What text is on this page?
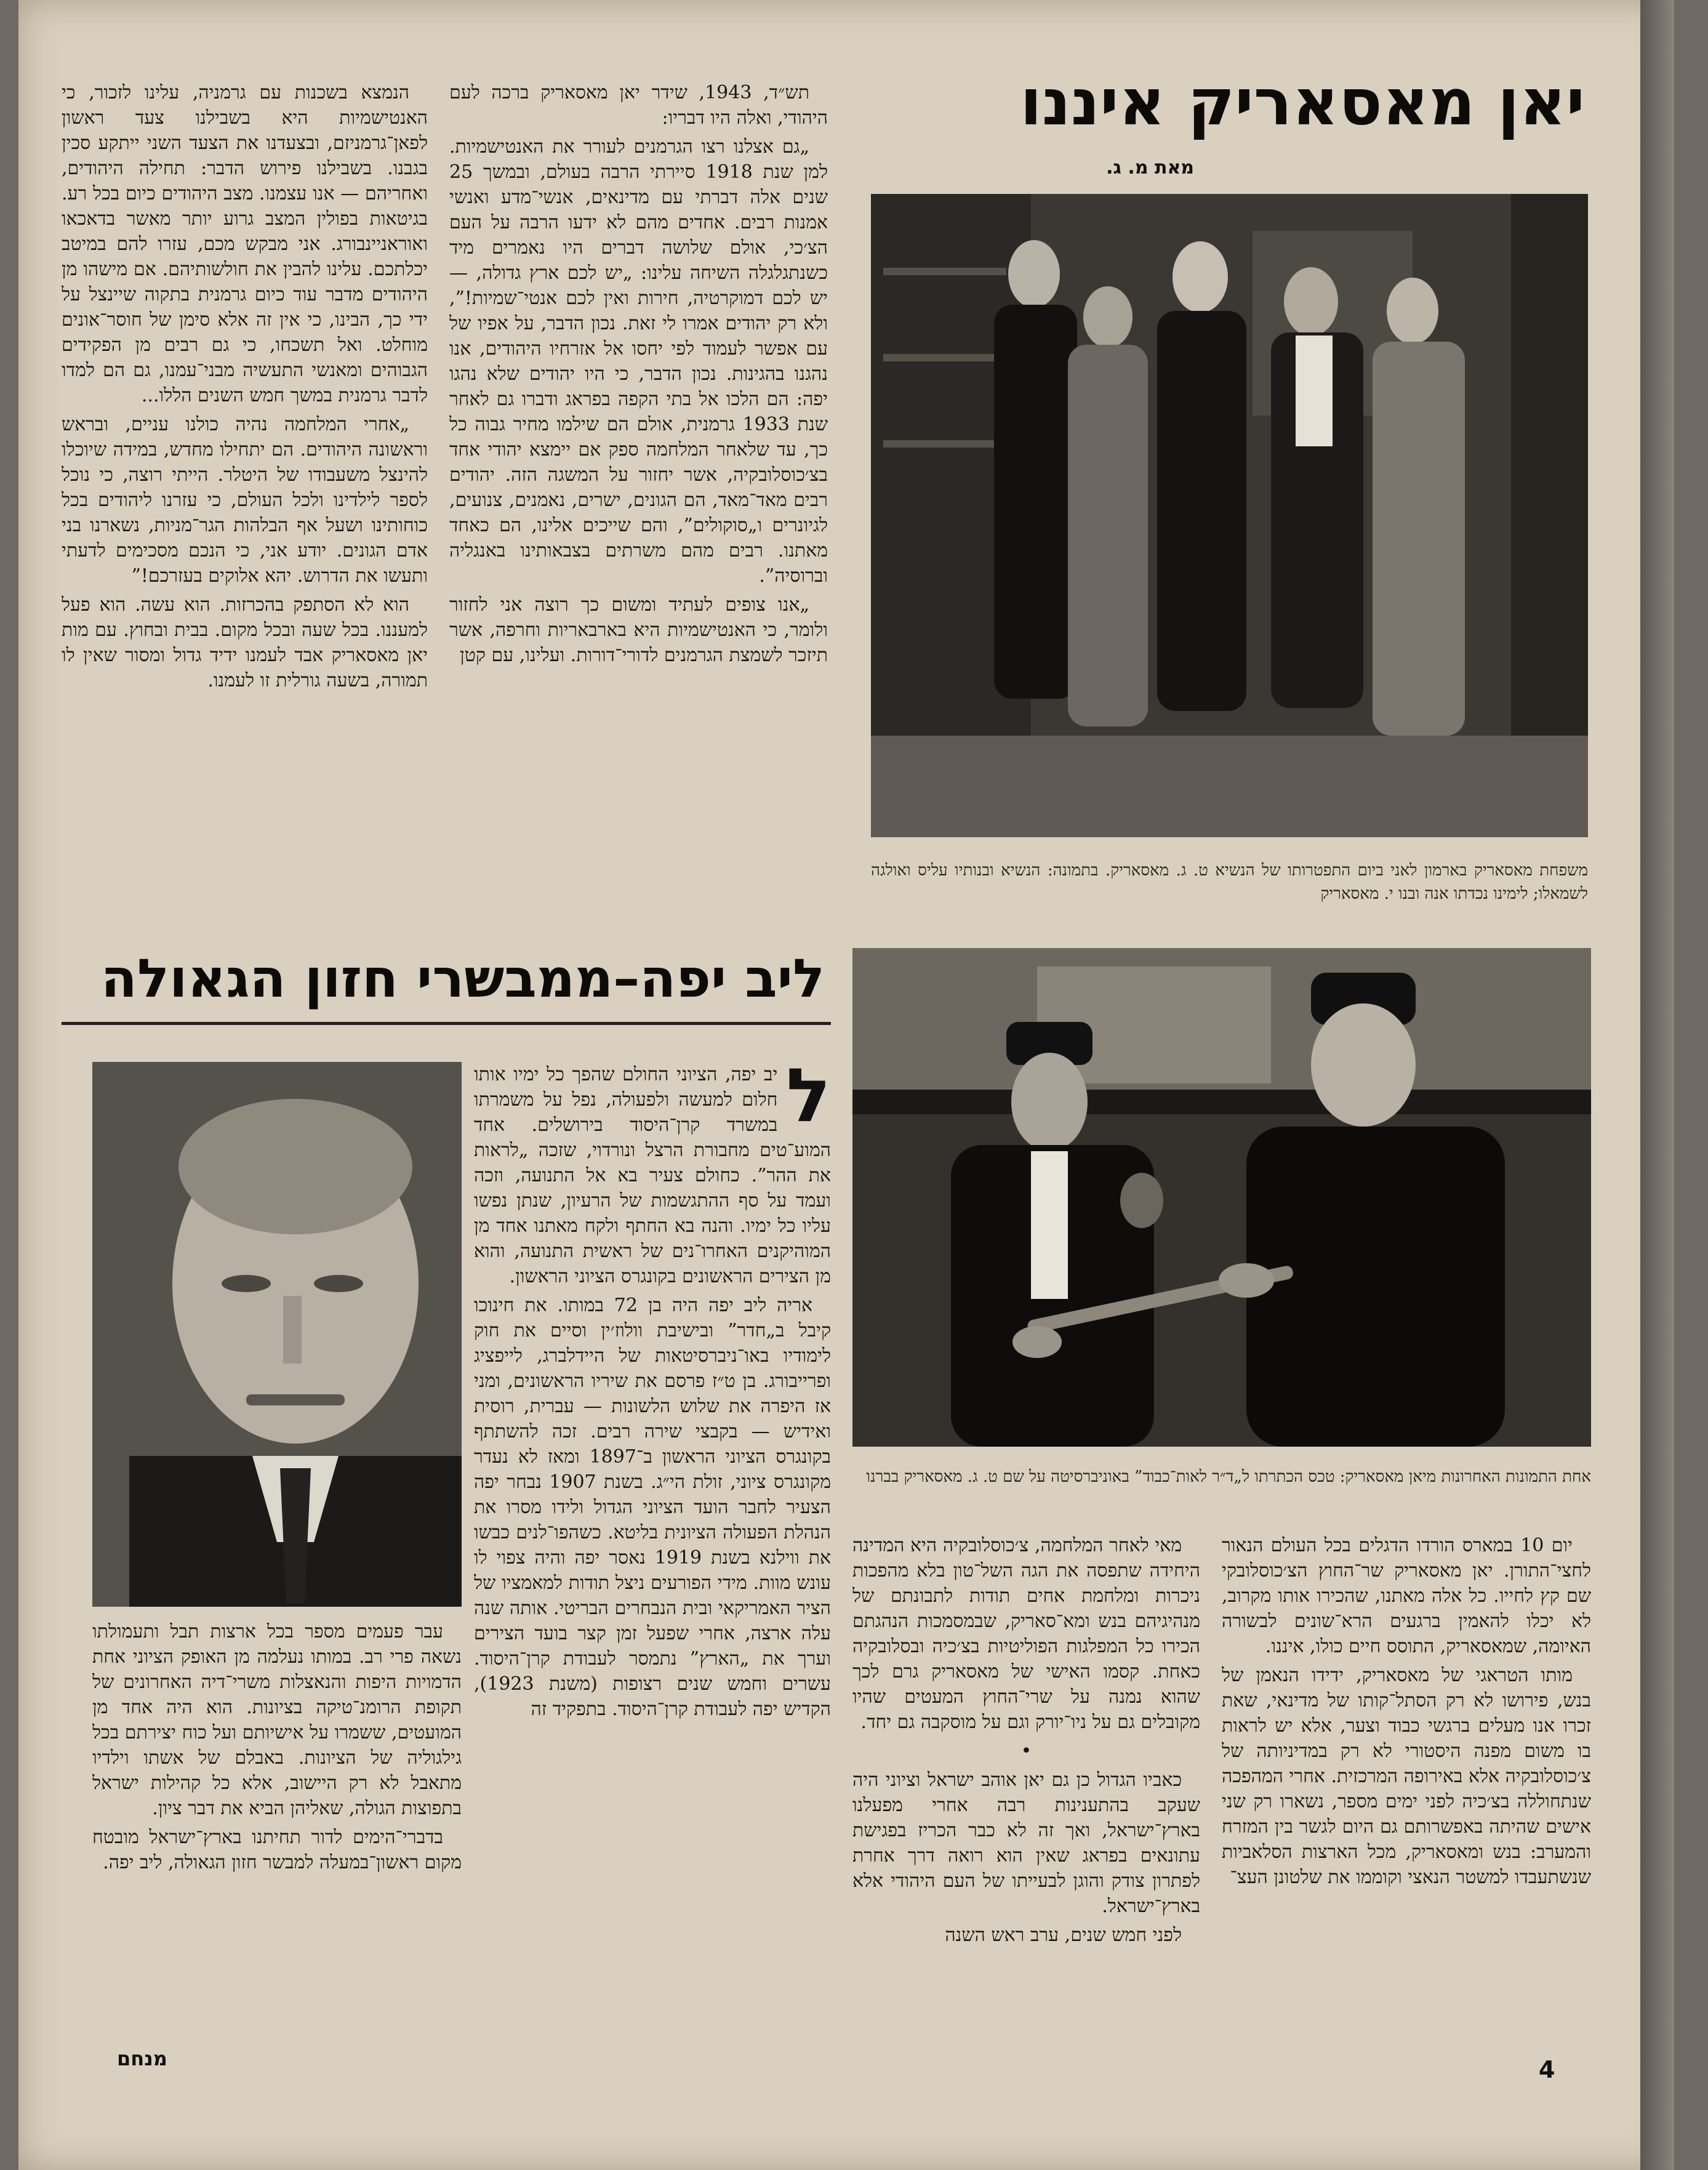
יאן מאסאריק איננו
מאת מ. ג.
משפחת מאסאריק בארמון לאני ביום התפטרותו של הנשיא ט. ג. מאסאריק. בתמונה: הנשיא ובנותיו עליס ואולגה לשמאלו; לימינו נכדתו אנה ובנו י. מאסאריק
אחת התמונות האחרונות מיאן מאסאריק: טכס הכתרתו ל„ד״ר לאות־כבוד” באוניברסיטה על שם ט. ג. מאסאריק בברנו

תש״ד, 1943, שידר יאן מאסאריק ברכה לעם היהודי, ואלה היו דבריו:

„גם אצלנו רצו הגרמנים לעורר את האנטישמיות. למן שנת 1918 סיירתי הרבה בעולם, ובמשך 25 שנים אלה דברתי עם מדינאים, אנשי־מדע ואנשי אמנות רבים. אחדים מהם לא ידעו הרבה על העם הצ׳כי, אולם שלושה דברים היו נאמרים מיד כשנתגלגלה השיחה עלינו: „יש לכם ארץ גדולה, — יש לכם דמוקרטיה, חירות ואין לכם אנטי־שמיות!”, ולא רק יהודים אמרו לי זאת. נכון הדבר, על אפיו של עם אפשר לעמוד לפי יחסו אל אזרחיו היהודים, אנו נהגנו בהגינות. נכון הדבר, כי היו יהודים שלא נהגו יפה: הם הלכו אל בתי הקפה בפראג ודברו גם לאחר שנת 1933 גרמנית, אולם הם שילמו מחיר גבוה כל כך, עד שלאחר המלחמה ספק אם יימצא יהודי אחד בצ׳כוסלובקיה, אשר יחזור על המשגה הזה. יהודים רבים מאד־מאד, הם הגונים, ישרים, נאמנים, צנועים, לגיונרים ו„סוקולים”, והם שייכים אלינו, הם כאחד מאתנו. רבים מהם משרתים בצבאותינו באנגליה וברוסיה”.

„אנו צופים לעתיד ומשום כך רוצה אני לחזור ולומר, כי האנטישמיות היא בארבאריות וחרפה, אשר תיזכר לשמצת הגרמנים לדורי־דורות. ועלינו, עם קטן

הנמצא בשכנות עם גרמניה, עלינו לזכור, כי האנטישמיות היא בשבילנו צעד ראשון לפאן־גרמניזם, ובצעדנו את הצעד השני ייתקע סכין בגבנו. בשבילנו פירוש הדבר: תחילה היהודים, ואחריהם — אנו עצמנו. מצב היהודים כיום בכל רע. בגיטאות בפולין המצב גרוע יותר מאשר בדאכאו ואוראניינבורג. אני מבקש מכם, עזרו להם במיטב יכלתכם. עלינו להבין את חולשותיהם. אם מישהו מן היהודים מדבר עוד כיום גרמנית בתקוה שיינצל על ידי כך, הבינו, כי אין זה אלא סימן של חוסר־אונים מוחלט. ואל תשכחו, כי גם רבים מן הפקידים הגבוהים ומאנשי התעשיה מבני־עמנו, גם הם למדו לדבר גרמנית במשך חמש השנים הללו...

„אחרי המלחמה נהיה כולנו עניים, ובראש וראשונה היהודים. הם יתחילו מחדש, במידה שיוכלו להינצל משעבודו של היטלר. הייתי רוצה, כי נוכל לספר לילדינו ולכל העולם, כי עזרנו ליהודים בכל כוחותינו ושעל אף הבלהות הגר־מניות, נשארנו בני אדם הגונים. יודע אני, כי הנכם מסכימים לדעתי ותעשו את הדרוש. יהא אלוקים בעזרכם!”

הוא לא הסתפק בהכרזות. הוא עשה. הוא פעל למעננו. בכל שעה ובכל מקום. בבית ובחוץ. עם מות יאן מאסאריק אבד לעמנו ידיד גדול ומסור שאין לו תמורה, בשעה גורלית זו לעמנו.

יום 10 במארס הורדו הדגלים בכל העולם הנאור לחצי־התורן. יאן מאסאריק שר־החוץ הצ׳כוסלובקי שם קץ לחייו. כל אלה מאתנו, שהכירו אותו מקרוב, לא יכלו להאמין ברגעים הרא־שונים לבשורה האיומה, שמאסאריק, התוסס חיים כולו, איננו.

מותו הטראגי של מאסאריק, ידידו הנאמן של בנש, פירושו לא רק הסתל־קותו של מדינאי, שאת זכרו אנו מעלים ברגשי כבוד וצער, אלא יש לראות בו משום מפנה היסטורי לא רק במדיניותה של צ׳כוסלובקיה אלא באירופה המרכזית. אחרי המהפכה שנתחוללה בצ׳כיה לפני ימים מספר, נשארו רק שני אישים שהיתה באפשרותם גם היום לגשר בין המזרח והמערב: בנש ומאסאריק, מכל הארצות הסלאביות שנשתעבדו למשטר הנאצי וקוממו את שלטונן העצ־

מאי לאחר המלחמה, צ׳כוסלובקיה היא המדינה היחידה שתפסה את הגה השל־טון בלא מהפכות ניכרות ומלחמת אחים תודות לתבונתם של מנהיגיהם בנש ומא־סאריק, שבמסמכות הנהגתם הכירו כל המפלגות הפוליטיות בצ׳כיה ובסלובקיה כאחת. קסמו האישי של מאסאריק גרם לכך שהוא נמנה על שרי־החוץ המעטים שהיו מקובלים גם על ניו־יורק וגם על מוסקבה גם יחד.

•

כאביו הגדול כן גם יאן אוהב ישראל וציוני היה שעקב בהתענינות רבה אחרי מפעלנו בארץ־ישראל, ואך זה לא כבר הכריז בפגישת עתונאים בפראג שאין הוא רואה דרך אחרת לפתרון צודק והוגן לבעייתו של העם היהודי אלא בארץ־ישראל.

לפני חמש שנים, ערב ראש השנה

ליב יפה–ממבשרי חזון הגאולה

ל
יב יפה, הציוני החולם שהפך כל ימיו אותו חלום למעשה ולפעולה, נפל על משמרתו במשרד קרן־היסוד בירושלים. אחד המוע־טים מחבורת הרצל ונורדוי, שזכה „לראות את ההר”. כחולם צעיר בא אל התנועה, וזכה ועמד על סף ההתגשמות של הרעיון, שנתן נפשו עליו כל ימיו. והנה בא החתף ולקח מאתנו אחד מן המוהיקנים האחרו־נים של ראשית התנועה, והוא מן הצירים הראשונים בקונגרס הציוני הראשון.

אריה ליב יפה היה בן 72 במותו. את חינוכו קיבל ב„חדר” ובישיבת וולוז׳ין וסיים את חוק לימודיו באו־ניברסיטאות של היידלברג, לייפציג ופרייבורג. בן ט״ז פרסם את שיריו הראשונים, ומני אז היפרה את שלוש הלשונות — עברית, רוסית ואידיש — בקבצי שירה רבים. זכה להשתתף בקונגרס הציוני הראשון ב־1897 ומאז לא נעדר מקונגרס ציוני, זולת הי״ג. בשנת 1907 נבחר יפה הצעיר לחבר הועד הציוני הגדול ולידו מסרו את הנהלת הפעולה הציונית בליטא. כשהפו־לנים כבשו את ווילנא בשנת 1919 נאסר יפה והיה צפוי לו עונש מוות. מידי הפורעים ניצל תודות למאמציו של הציר האמריקאי ובית הנבחרים הבריטי. אותה שנה עלה ארצה, אחרי שפעל זמן קצר בועד הצירים וערך את „הארץ” נתמסר לעבודת קרן־היסוד. עשרים וחמש שנים רצופות (משנת 1923), הקדיש יפה לעבודת קרן־היסוד. בתפקיד זה

עבר פעמים מספר בכל ארצות תבל ותעמולתו נשאה פרי רב. במותו נעלמה מן האופק הציוני אחת הדמויות היפות והנאצלות משרי־דיה האחרונים של תקופת הרומנ־טיקה בציונות. הוא היה אחד מן המועטים, ששמרו על אישיותם ועל כוח יצירתם בכל גילגוליה של הציונות. באבלם של אשתו וילדיו מתאבל לא רק היישוב, אלא כל קהילות ישראל בתפוצות הגולה, שאליהן הביא את דבר ציון.

בדברי־הימים לדור תחיתנו בארץ־ישראל מובטח מקום ראשון־במעלה למבשר חזון הגאולה, ליב יפה.

מנחם	4
